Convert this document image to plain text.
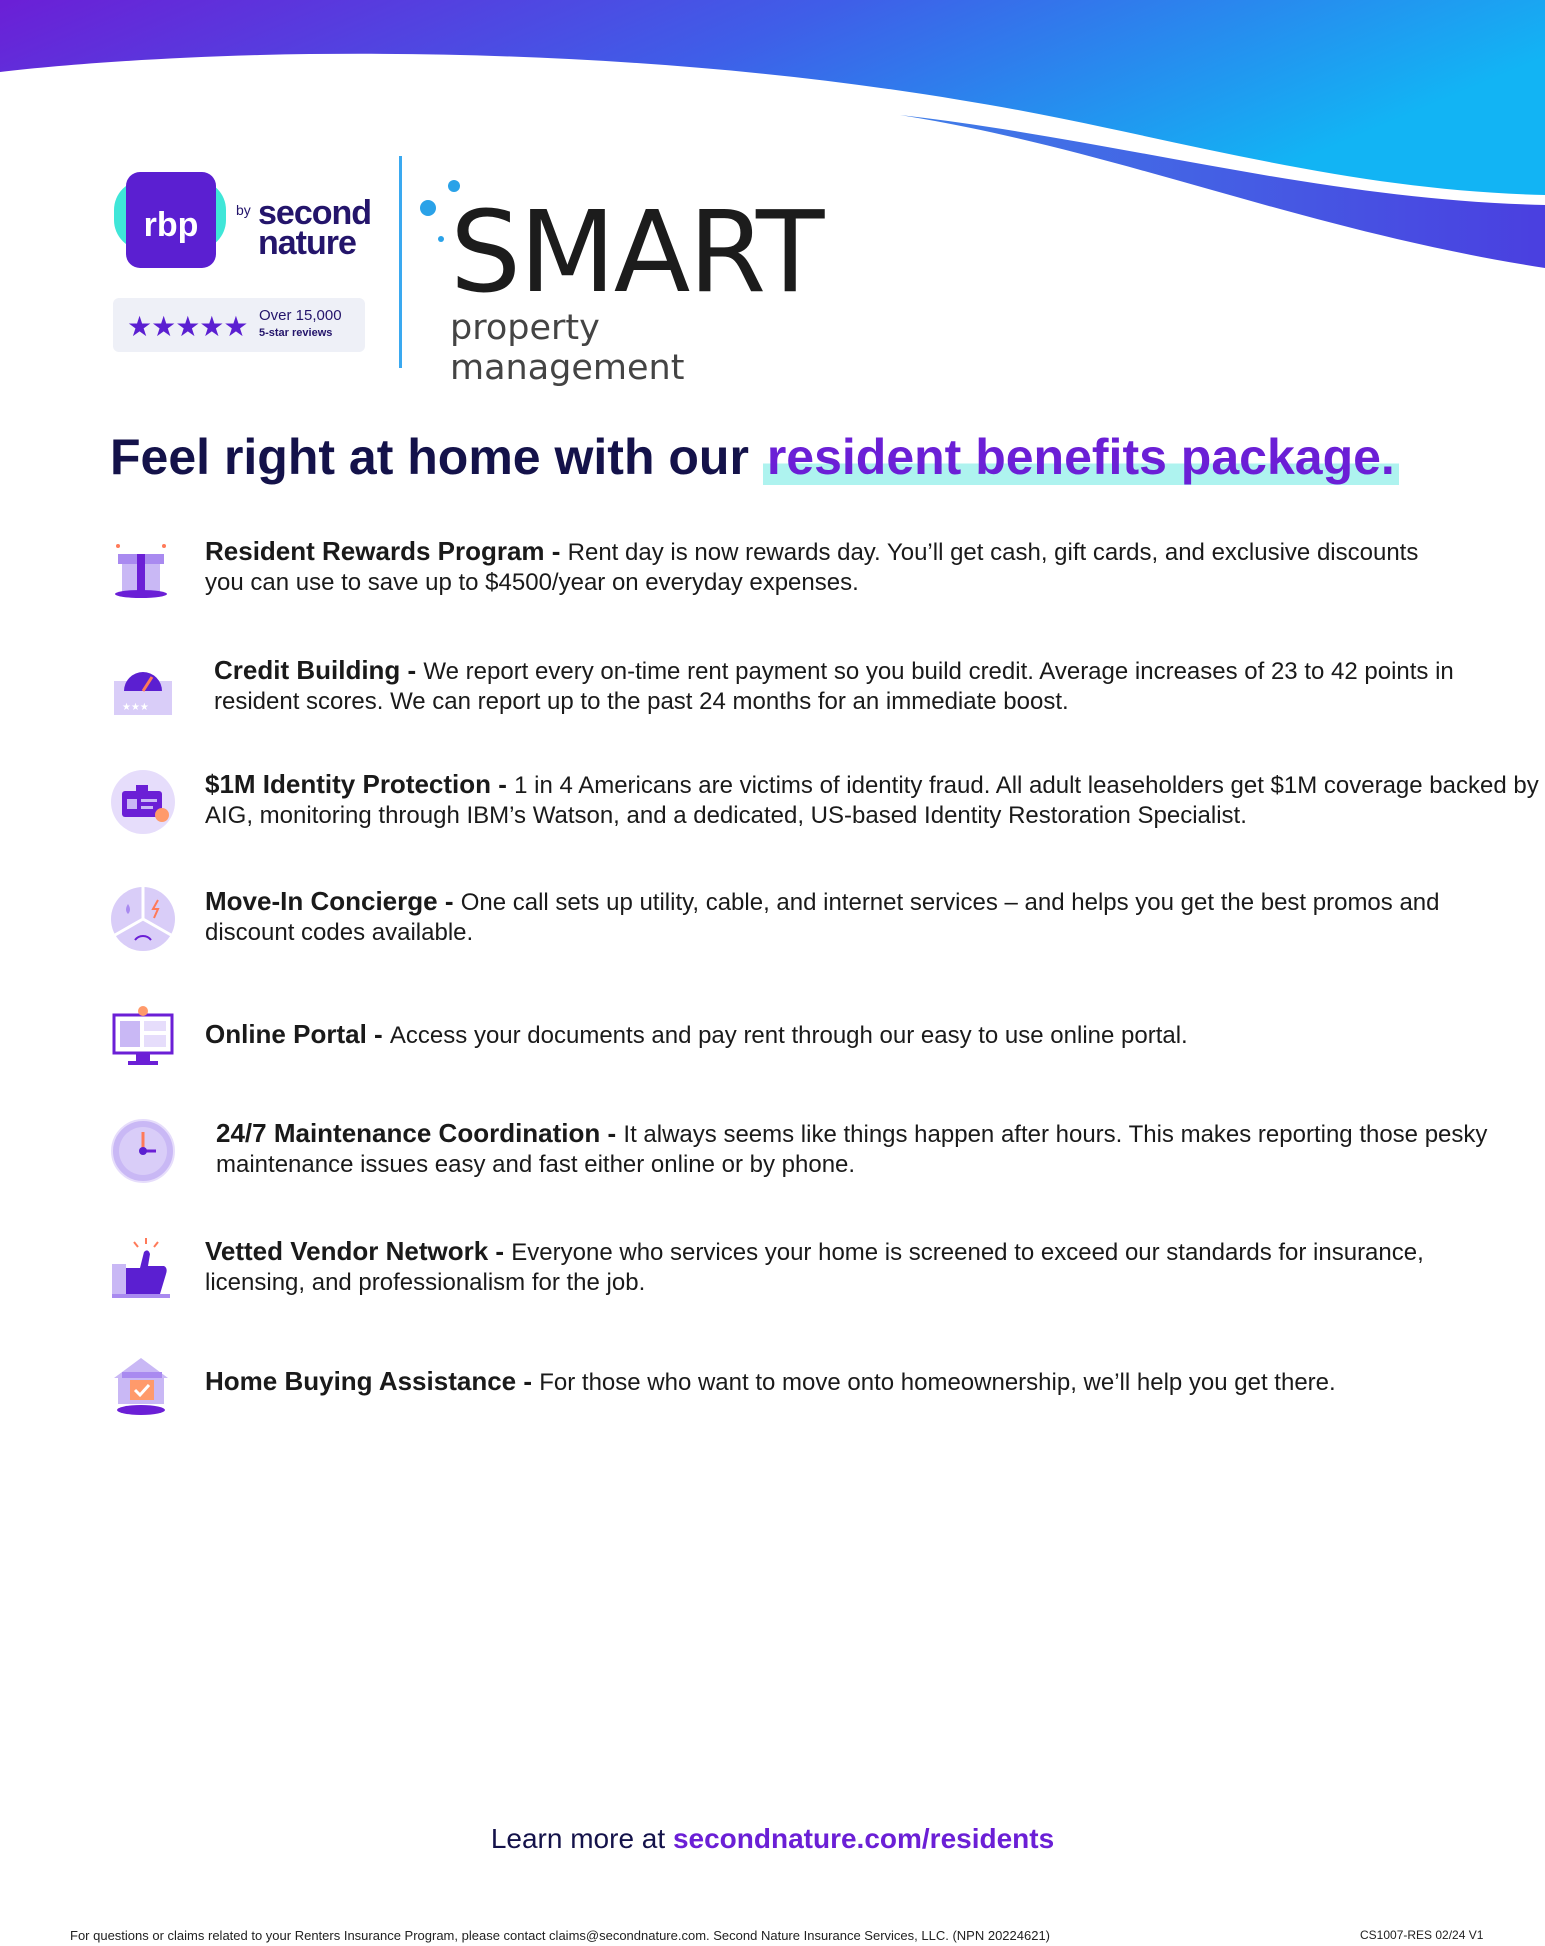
rbp	by second nature
★★★★★ Over 15,000
5-star reviews
SMART
property management
Feel right at home with our resident benefits package.
Resident Rewards Program - Rent day is now rewards day. You’ll get cash, gift cards, and exclusive discounts you can use to save up to $4500/year on everyday expenses.
★★★
Credit Building - We report every on-time rent payment so you build credit. Average increases of 23 to 42 points in resident scores. We can report up to the past 24 months for an immediate boost.
$1M Identity Protection - 1 in 4 Americans are victims of identity fraud. All adult leaseholders get $1M coverage backed by AIG, monitoring through IBM’s Watson, and a dedicated, US-based Identity Restoration Specialist.
Move-In Concierge - One call sets up utility, cable, and internet services – and helps you get the best promos and discount codes available.
Online Portal - Access your documents and pay rent through our easy to use online portal.
24/7 Maintenance Coordination - It always seems like things happen after hours. This makes reporting those pesky maintenance issues easy and fast either online or by phone.
Vetted Vendor Network - Everyone who services your home is screened to exceed our standards for insurance, licensing, and professionalism for the job.
Home Buying Assistance - For those who want to move onto homeownership, we’ll help you get there.
Learn more at secondnature.com/residents
For questions or claims related to your Renters Insurance Program, please contact claims@secondnature.com. Second Nature Insurance Services, LLC. (NPN 20224621)	CS1007-RES 02/24 V1
